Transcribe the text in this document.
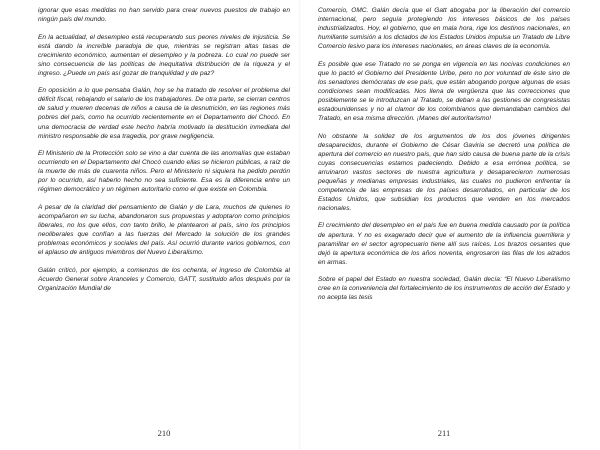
ignorar que esas medidas no han servido para crear nuevos puestos de trabajo en ningún país del mundo.

En la actualidad, el desempleo está recuperando sus peores niveles de injusticia. Se está dando la increíble paradoja de que, mientras se registran altas tasas de crecimiento económico, aumentan el desempleo y la pobreza. Lo cual no puede ser sino consecuencia de las políticas de inequitativa distribución de la riqueza y el ingreso. ¿Puede un país así gozar de tranquilidad y de paz?

En oposición a lo que pensaba Galán, hoy se ha tratado de resolver el problema del déficit fiscal, rebajando el salario de los trabajadores. De otra parte, se cierran centros de salud y mueren decenas de niños a causa de la desnutrición, en las regiones más pobres del país, como ha ocurrido recientemente en el Departamento del Chocó. En una democracia de verdad este hecho habría motivado la destitución inmediata del ministro responsable de esa tragedia, por grave negligencia.

El Ministerio de la Protección solo se vino a dar cuenta de las anomalías que estaban ocurriendo en el Departamento del Chocó cuando ellas se hicieron públicas, a raíz de la muerte de más de cuarenta niños. Pero el Ministerio ni siquiera ha pedido perdón por lo ocurrido, así haberlo hecho no sea suficiente. Esa es la diferencia entre un régimen democrático y un régimen autoritario como el que existe en Colombia.

A pesar de la claridad del pensamiento de Galán y de Lara, muchos de quienes lo acompañaron en su lucha, abandonaron sus propuestas y adoptaron como principios liberales, no los que ellos, con tanto brillo, le plantearon al país, sino los principios neoliberales que confían a las fuerzas del Mercado la solución de los grandes problemas económicos y sociales del país. Así ocurrió durante varios gobiernos, con el aplauso de antiguos miembros del Nuevo Liberalismo.

Galán criticó, por ejemplo, a comienzos de los ochenta, el ingreso de Colombia al Acuerdo General sobre Aranceles y Comercio, GATT, sustituido años después por la Organización Mundial de

210

Comercio, OMC. Galán decía que el Gatt abogaba por la liberación del comercio internacional, pero seguía protegiendo los intereses básicos de los países industrializados. Hoy, el gobierno, que en mala hora, rige los destinos nacionales, en humillante sumisión a los dictados de los Estados Unidos impulsa un Tratado de Libre Comercio lesivo para los intereses nacionales, en áreas claves de la economía.

Es posible que ese Tratado no se ponga en vigencia en las nocivas condiciones en que lo pactó el Gobierno del Presidente Uribe, pero no por voluntad de éste sino de los senadores demócratas de ese país, que están abogando porque algunas de esas condiciones sean modificadas. Nos llena de vergüenza que las correcciones que posiblemente se le introduzcan al Tratado, se deban a las gestiones de congresistas estadounidenses y no al clamor de los colombianos que demandaban cambios del Tratado, en esa misma dirección. ¡Manes del autoritarismo!

No obstante la solidez de los argumentos de los dos jóvenes dirigentes desaparecidos, durante el Gobierno de César Gaviria se decretó una política de apertura del comercio en nuestro país, que han sido causa de buena parte de la crisis cuyas consecuencias estamos padeciendo. Debido a esa errónea política, se arruinaron vastos sectores de nuestra agricultura y desaparecieron numerosas pequeñas y medianas empresas industriales, las cuales no pudieron enfrentar la competencia de las empresas de los países desarrollados, en particular de los Estados Unidos, que subsidian los productos que venden en los mercados nacionales.

El crecimiento del desempleo en el país fue en buena medida causado por la política de apertura. Y no es exagerado decir que el aumento de la influencia guerrillera y paramilitar en el sector agropecuario tiene allí sus raíces. Los brazos cesantes que dejó la apertura económica de los años noventa, engrosaron las filas de los alzados en armas.

Sobre el papel del Estado en nuestra sociedad, Galán decía: “El Nuevo Liberalismo cree en la conveniencia del fortalecimiento de los instrumentos de acción del Estado y no acepta las tesis

211
